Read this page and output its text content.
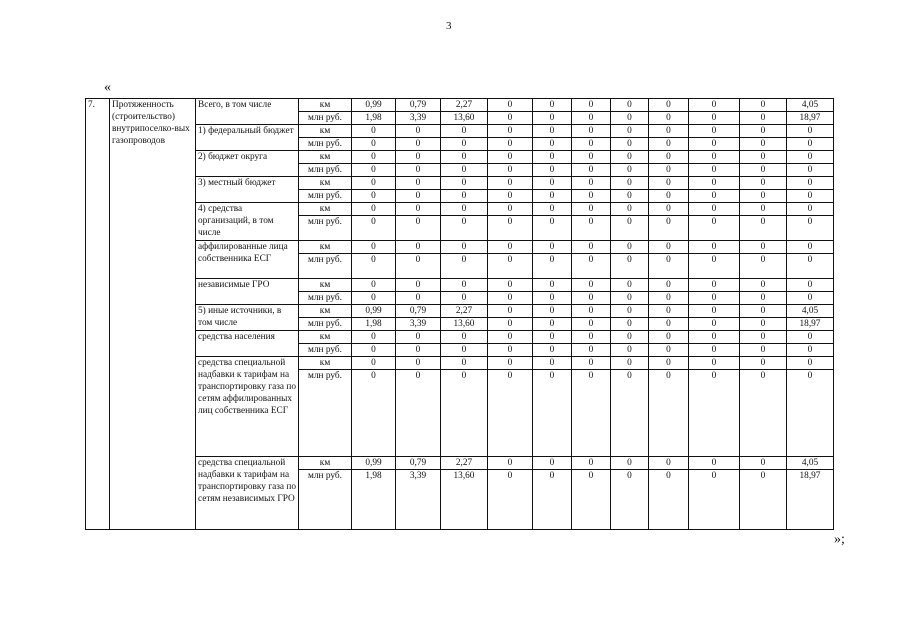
3
«
7.	Протяженность (строительство) внутрипоселко-вых газопроводов	Всего, в том числе	км	0,99	0,79	2,27	0	0	0	0	0	0	0	4,05
			млн руб.	1,98	3,39	13,60	0	0	0	0	0	0	0	18,97
		1) федеральный бюджет	км	0	0	0	0	0	0	0	0	0	0	0
			млн руб.	0	0	0	0	0	0	0	0	0	0	0
		2) бюджет округа	км	0	0	0	0	0	0	0	0	0	0	0
			млн руб.	0	0	0	0	0	0	0	0	0	0	0
		3) местный бюджет	км	0	0	0	0	0	0	0	0	0	0	0
			млн руб.	0	0	0	0	0	0	0	0	0	0	0
		4) средства организаций, в том числе	км	0	0	0	0	0	0	0	0	0	0	0
			млн руб.	0	0	0	0	0	0	0	0	0	0	0
		аффилированные лица собственника ЕСГ	км	0	0	0	0	0	0	0	0	0	0	0
			млн руб.	0	0	0	0	0	0	0	0	0	0	0
		независимые ГРО	км	0	0	0	0	0	0	0	0	0	0	0
			млн руб.	0	0	0	0	0	0	0	0	0	0	0
		5) иные источники, в том числе	км	0,99	0,79	2,27	0	0	0	0	0	0	0	4,05
			млн руб.	1,98	3,39	13,60	0	0	0	0	0	0	0	18,97
		средства населения	км	0	0	0	0	0	0	0	0	0	0	0
			млн руб.	0	0	0	0	0	0	0	0	0	0	0
		средства специальной надбавки к тарифам на транспортировку газа по сетям аффилированных лиц собственника ЕСГ	км	0	0	0	0	0	0	0	0	0	0	0
			млн руб.	0	0	0	0	0	0	0	0	0	0	0
		средства специальной надбавки к тарифам на транспортировку газа по сетям независимых ГРО	км	0,99	0,79	2,27	0	0	0	0	0	0	0	4,05
			млн руб.	1,98	3,39	13,60	0	0	0	0	0	0	0	18,97
»;
